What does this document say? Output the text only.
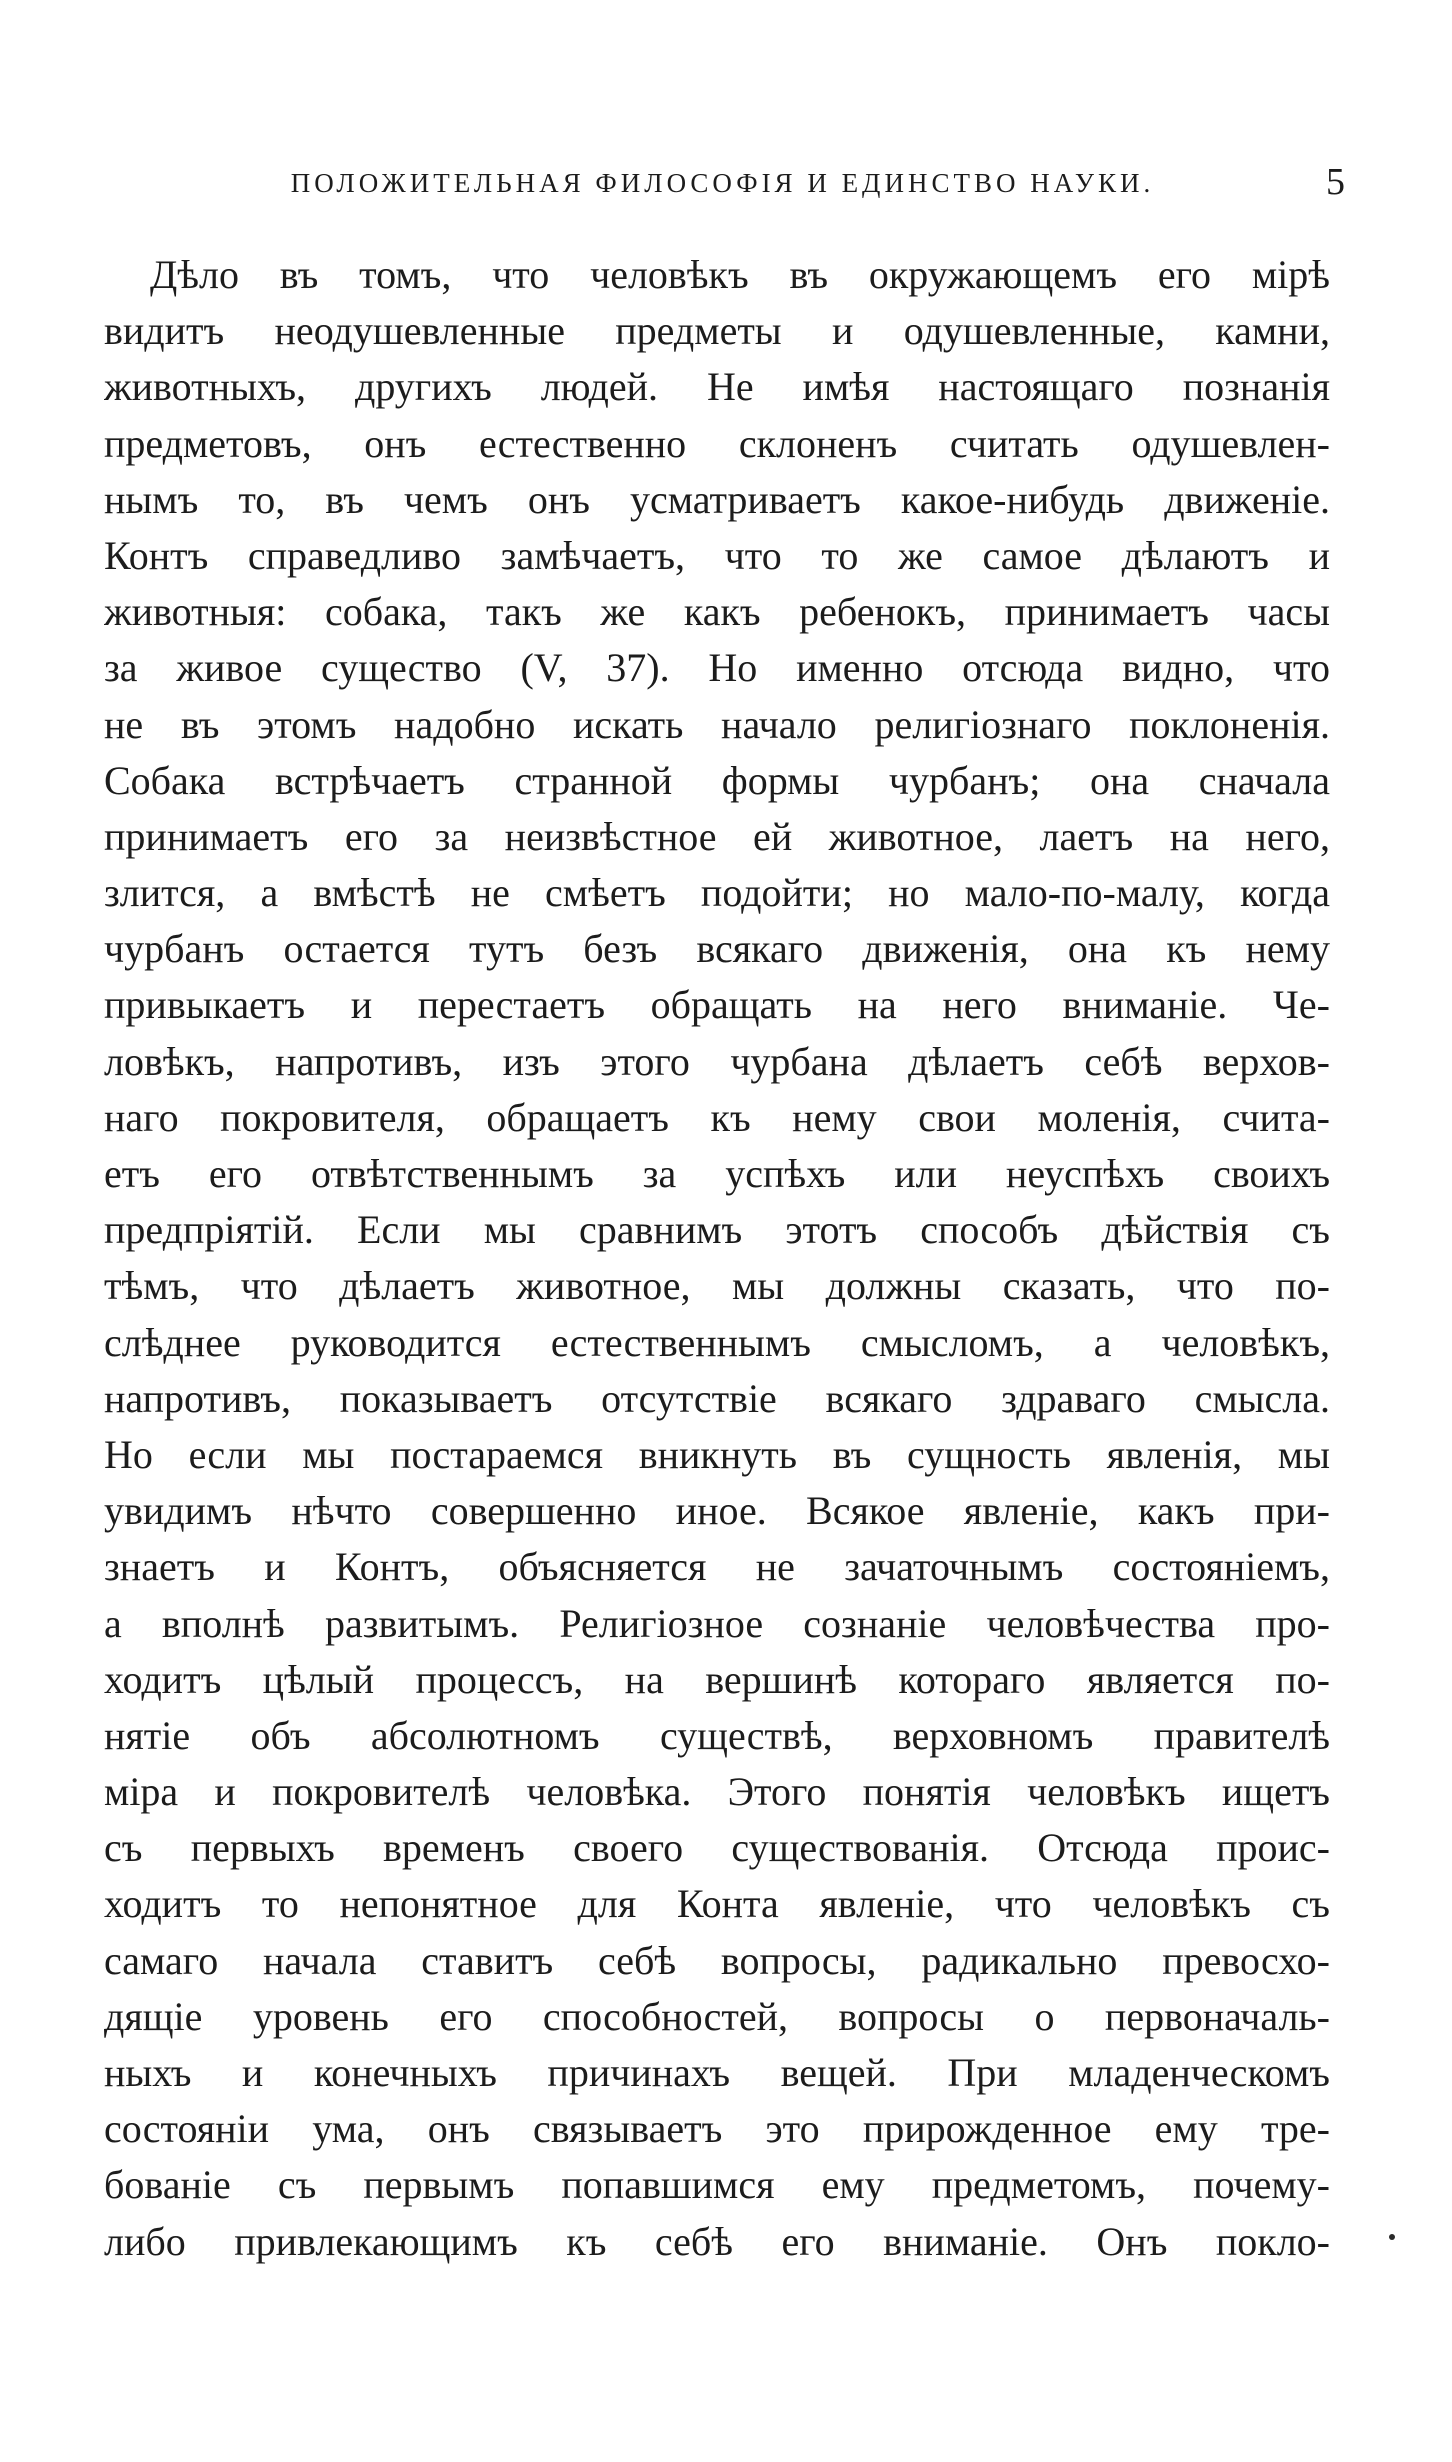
ПОЛОЖИТЕЛЬНАЯ ФИЛОСОФІЯ И ЕДИНСТВО НАУКИ.	5
Дѣло въ томъ, что человѣкъ въ окружающемъ его мірѣ
видитъ неодушевленные предметы и одушевленные, камни,
животныхъ, другихъ людей. Не имѣя настоящаго познанія
предметовъ, онъ естественно склоненъ считать одушевлен-
нымъ то, въ чемъ онъ усматриваетъ какое-нибудь движеніе.
Контъ справедливо замѣчаетъ, что то же самое дѣлаютъ и
животныя: собака, такъ же какъ ребенокъ, принимаетъ часы
за живое существо (V, 37). Но именно отсюда видно, что
не въ этомъ надобно искать начало религіознаго поклоненія.
Собака встрѣчаетъ странной формы чурбанъ; она сначала
принимаетъ его за неизвѣстное ей животное, лаетъ на него,
злится, а вмѣстѣ не смѣетъ подойти; но мало-по-малу, когда
чурбанъ остается тутъ безъ всякаго движенія, она къ нему
привыкаетъ и перестаетъ обращать на него вниманіе. Че-
ловѣкъ, напротивъ, изъ этого чурбана дѣлаетъ себѣ верхов-
наго покровителя, обращаетъ къ нему свои моленія, счита-
етъ его отвѣтственнымъ за успѣхъ или неуспѣхъ своихъ
предпріятій. Если мы сравнимъ этотъ способъ дѣйствія съ
тѣмъ, что дѣлаетъ животное, мы должны сказать, что по-
слѣднее руководится естественнымъ смысломъ, а человѣкъ,
напротивъ, показываетъ отсутствіе всякаго здраваго смысла.
Но если мы постараемся вникнуть въ сущность явленія, мы
увидимъ нѣчто совершенно иное. Всякое явленіе, какъ при-
знаетъ и Контъ, объясняется не зачаточнымъ состояніемъ,
а вполнѣ развитымъ. Религіозное сознаніе человѣчества про-
ходитъ цѣлый процессъ, на вершинѣ котораго является по-
нятіе объ абсолютномъ существѣ, верховномъ правителѣ
міра и покровителѣ человѣка. Этого понятія человѣкъ ищетъ
съ первыхъ временъ своего существованія. Отсюда проис-
ходитъ то непонятное для Конта явленіе, что человѣкъ съ
самаго начала ставитъ себѣ вопросы, радикально превосхо-
дящіе уровень его способностей, вопросы о первоначаль-
ныхъ и конечныхъ причинахъ вещей. При младенческомъ
состояніи ума, онъ связываетъ это прирожденное ему тре-
бованіе съ первымъ попавшимся ему предметомъ, почему-
либо привлекающимъ къ себѣ его вниманіе. Онъ покло-
